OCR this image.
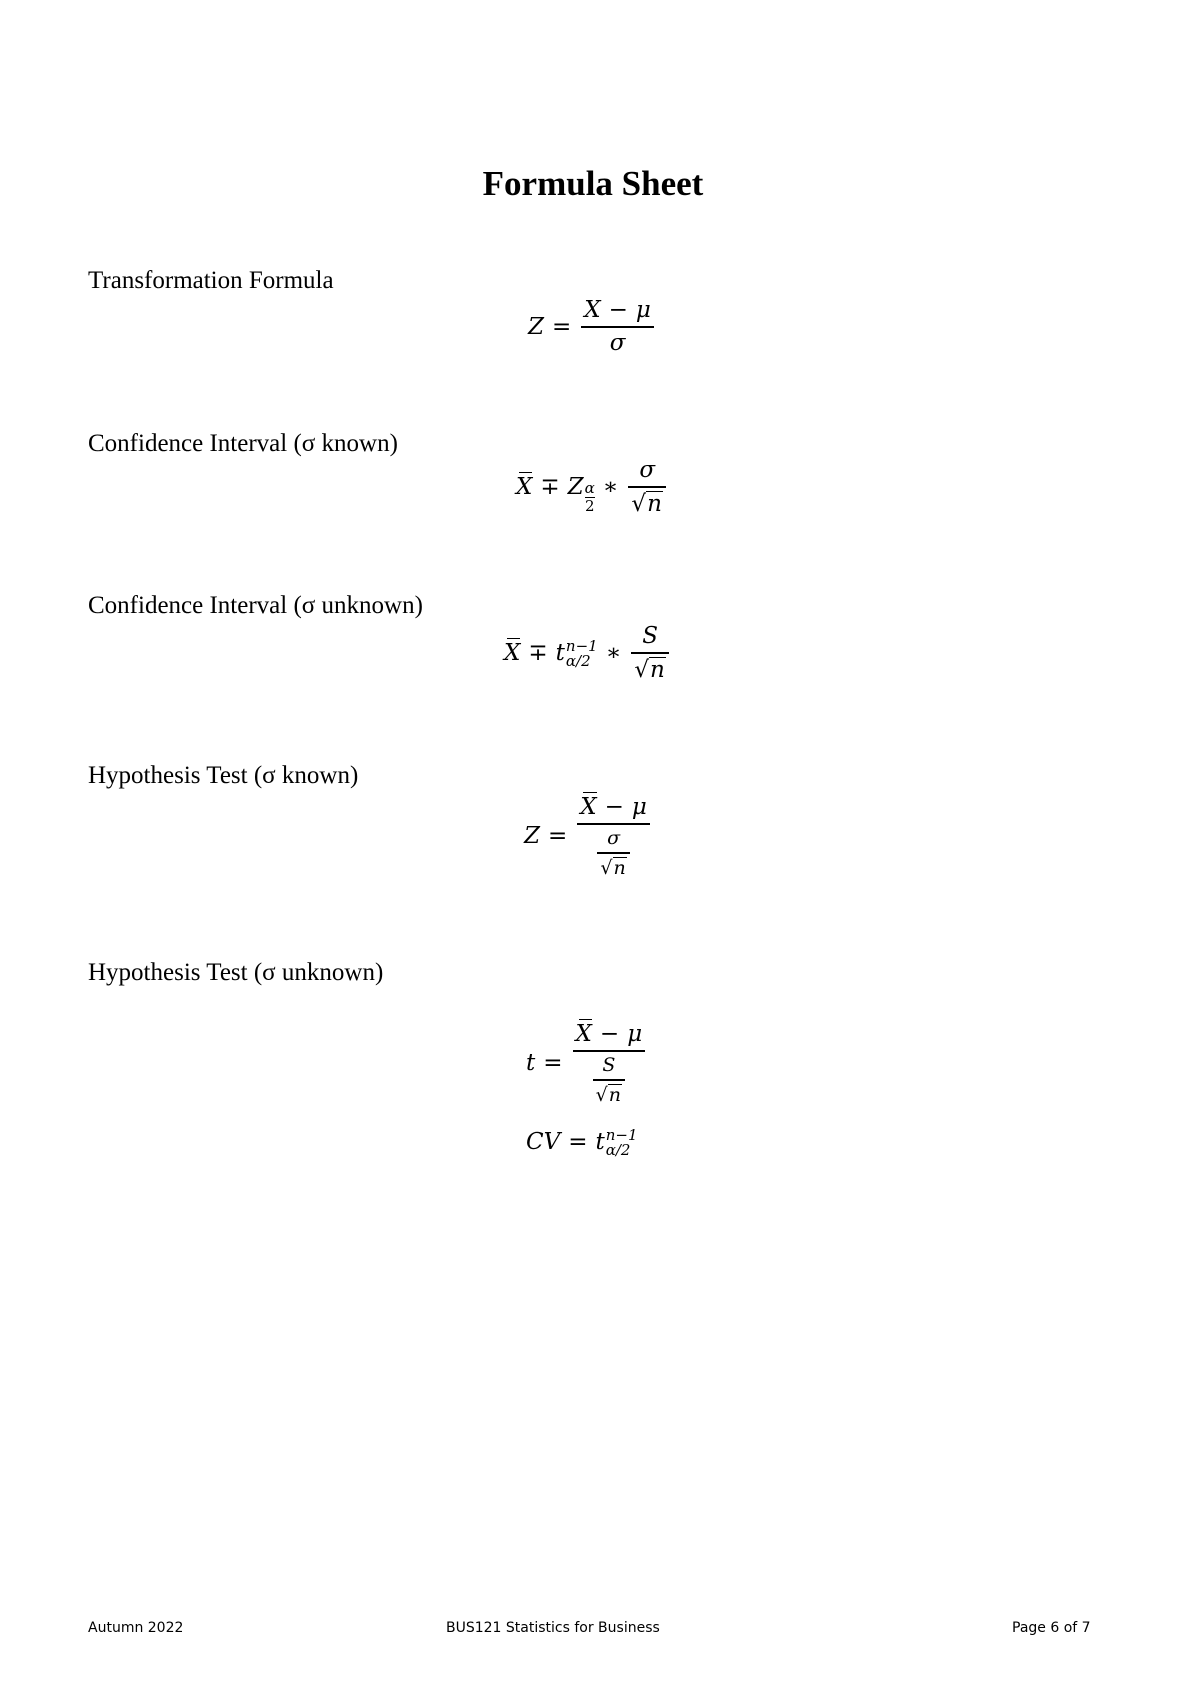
Formula Sheet
Transformation Formula
$Z = \frac{X - \mu}{\sigma}$
Confidence Interval (σ known)
X ∓ Z α
2
∗ $\frac{\sigma}{√ n}$
Confidence Interval (σ unknown)
X ∓ t n−1
α/2 ∗ $\frac{S}{√ n}$
Hypothesis Test (σ known)
Z =
X − μ
$\frac{\sigma}{√ n}$
Hypothesis Test (σ unknown)
t =
X − μ
$\frac{S}{√ n}$
CV = t n−1
α/2
Autumn 2022	BUS121 Statistics for Business	Page 6 of 7
